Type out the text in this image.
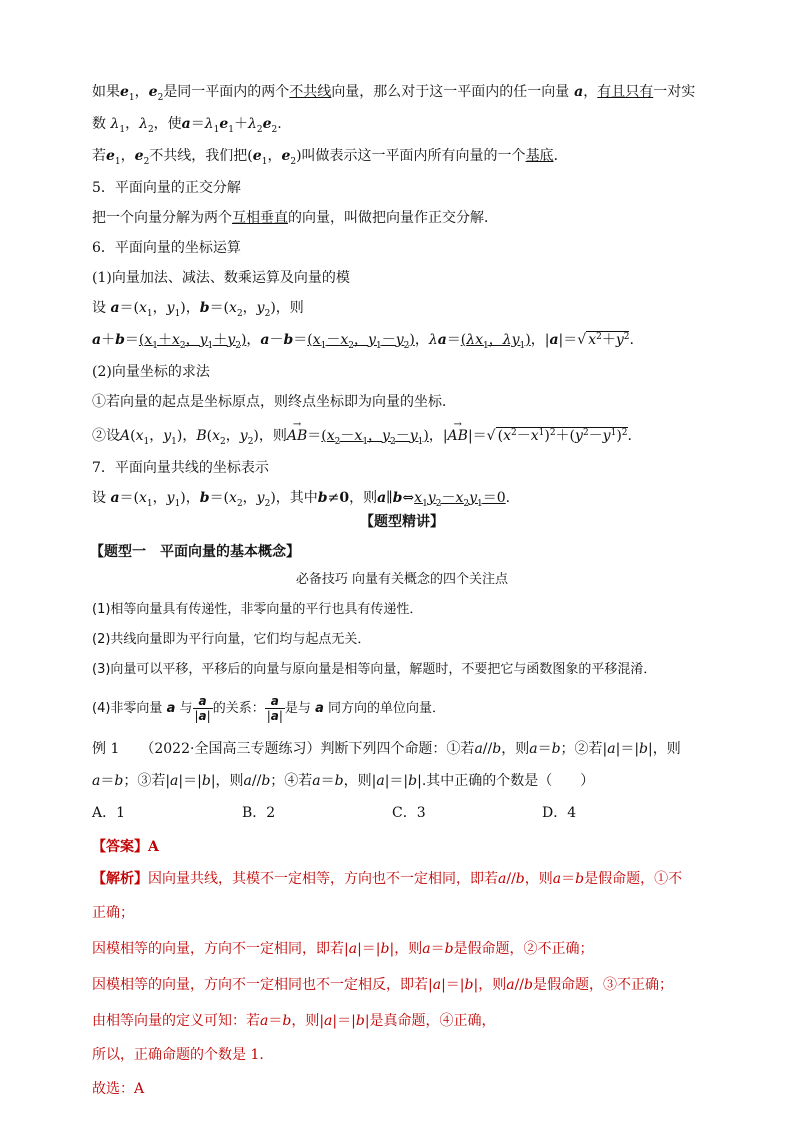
如果$e_1$，$e_2$是同一平面内的两个不共线向量，那么对于这一平面内的任一向量 a，有且只有一对实
数 $\lambda_1$，$\lambda_2$，使$a=\lambda_1e_1+\lambda_2e_2$.
若$e_1$，$e_2$不共线，我们把($e_1$，$e_2$)叫做表示这一平面内所有向量的一个基底．
5．平面向量的正交分解
把一个向量分解为两个互相垂直的向量，叫做把向量作正交分解．
6．平面向量的坐标运算
(1)向量加法、减法、数乘运算及向量的模
设 $a=(x_1$，$y_1$)，$b=(x_2$，$y_2$)，则
$a+b=(x_1+x_2$，$y_1+y_2$)，$a-b=(x_1-x_2$，$y_1-y_2$)，$\lambda a=(\lambda x_1$，$\lambda y_1$)，|a|＝√ $x^2+y^2$.
(2)向量坐标的求法
①若向量的起点是坐标原点，则终点坐标即为向量的坐标．
②设$A(x_1$，$y_1$)，$B(x_2$，$y_2$)，则→ $AB=(x_2-x_1$，$y_2-y_1$)，|→ AB|＝√ $(x^2-x^1)^2+(y^2-y^1)^2$.
7．平面向量共线的坐标表示
设 $a=(x_1$，$y_1$)，$b=(x_2$，$y_2$)，其中b≠0，则$a\parallel b\Leftrightarrow x_1y_2-x_2y_1=0$.
【题型精讲】
【题型一　平面向量的基本概念】
必备技巧 向量有关概念的四个关注点
(1)相等向量具有传递性，非零向量的平行也具有传递性．
(2)共线向量即为平行向量，它们均与起点无关．
(3)向量可以平移，平移后的向量与原向量是相等向量，解题时，不要把它与函数图象的平移混淆．
(4)非零向量 a 与 $\frac{a}{|a|}$ 的关系： $\frac{a}{|a|}$ 是与 a 同方向的单位向量．
例 1　　 （2022·全国高三专题练习）判断下列四个命题：①若a//b，则a＝b；②若|a|＝|b|，则
a＝b；③若|a|＝|b|，则a//b；④若a＝b，则|a|＝|b|.其中正确的个数是（　　）
A．1	B．2	C．3	D．4
【答案】A
【解析】因向量共线，其模不一定相等，方向也不一定相同，即若a//b，则a＝b是假命题，①不
正确；
因模相等的向量，方向不一定相同，即若|a|＝|b|，则a＝b是假命题，②不正确；
因模相等的向量，方向不一定相同也不一定相反，即若|a|＝|b|，则a//b是假命题，③不正确；
由相等向量的定义可知：若a＝b，则|a|＝|b|是真命题，④正确，
所以，正确命题的个数是 1.
故选：A
